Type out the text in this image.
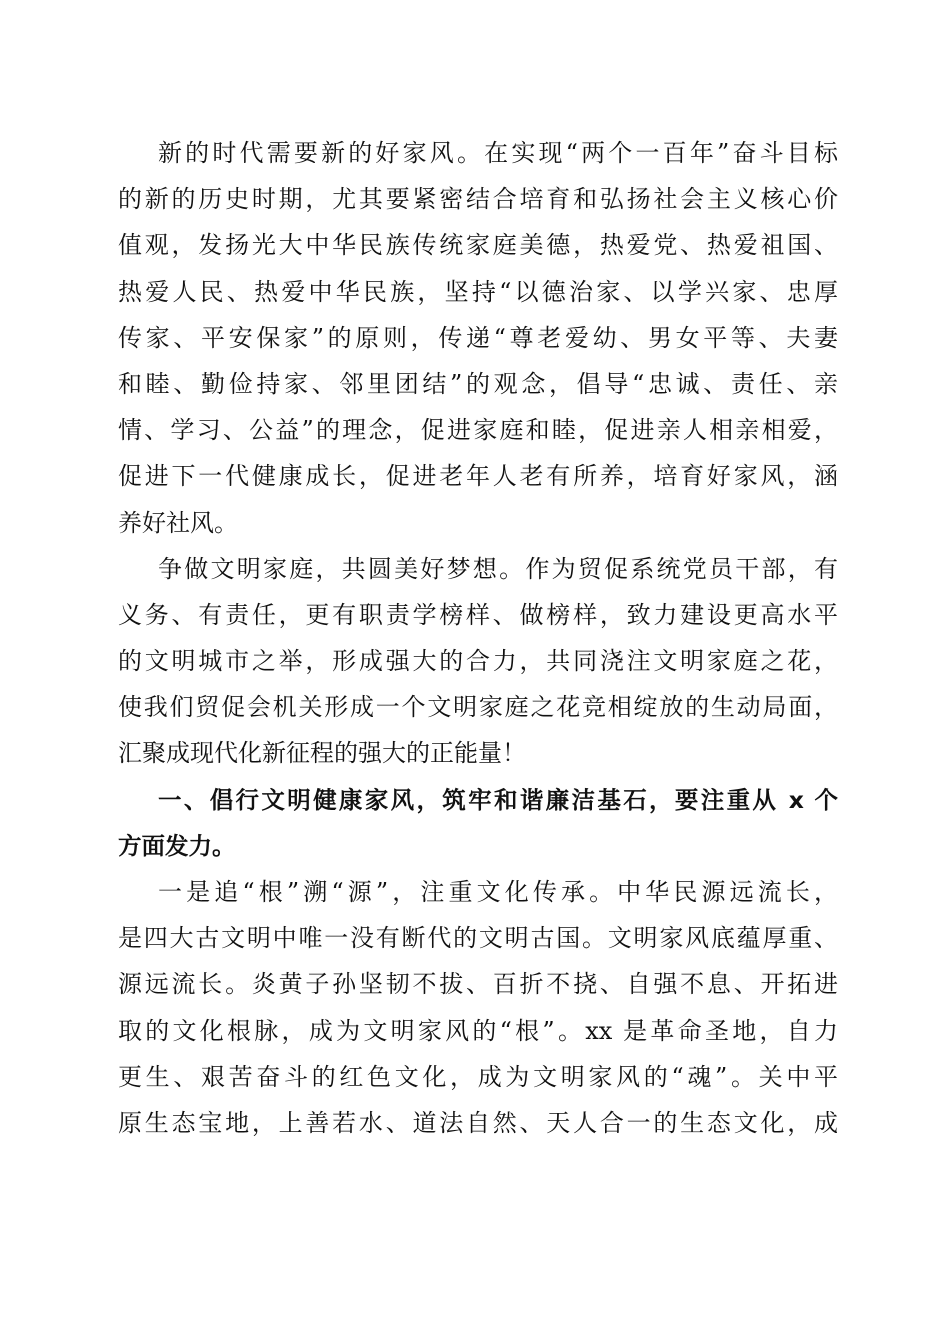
新的时代需要新的好家风。在实现“两个一百年”奋斗目标
的新的历史时期，尤其要紧密结合培育和弘扬社会主义核心价
值观，发扬光大中华民族传统家庭美德，热爱党、热爱祖国、
热爱人民、热爱中华民族，坚持“以德治家、以学兴家、忠厚
传家、平安保家”的原则，传递“尊老爱幼、男女平等、夫妻
和睦、勤俭持家、邻里团结”的观念，倡导“忠诚、责任、亲
情、学习、公益”的理念，促进家庭和睦，促进亲人相亲相爱，
促进下一代健康成长，促进老年人老有所养，培育好家风，涵
养好社风。
争做文明家庭，共圆美好梦想。作为贸促系统党员干部，有
义务、有责任，更有职责学榜样、做榜样，致力建设更高水平
的文明城市之举，形成强大的合力，共同浇注文明家庭之花，
使我们贸促会机关形成一个文明家庭之花竞相绽放的生动局面，
汇聚成现代化新征程的强大的正能量！
一、倡行文明健康家风，筑牢和谐廉洁基石，要注重从 x 个
方面发力。
一是追“根”溯“源”，注重文化传承。中华民源远流长，
是四大古文明中唯一没有断代的文明古国。文明家风底蕴厚重、
源远流长。炎黄子孙坚韧不拔、百折不挠、自强不息、开拓进
取的文化根脉，成为文明家风的“根”。xx 是革命圣地，自力
更生、艰苦奋斗的红色文化，成为文明家风的“魂”。关中平
原生态宝地，上善若水、道法自然、天人合一的生态文化，成
